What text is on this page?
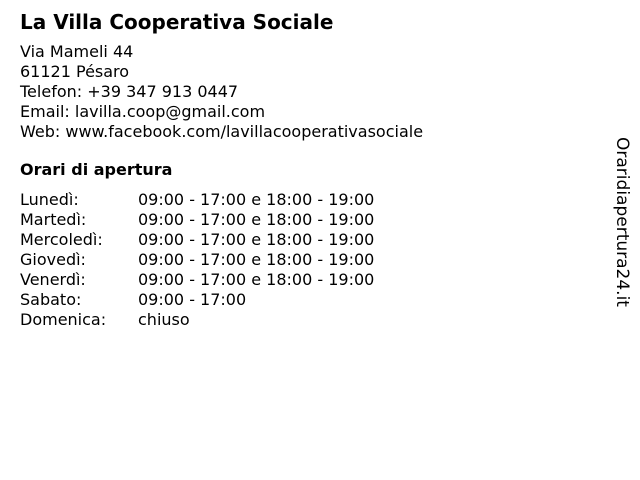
La Villa Cooperativa Sociale
Via Mameli 44
61121 Pésaro
Telefon: +39 347 913 0447
Email: lavilla.coop@gmail.com
Web: www.facebook.com/lavillacooperativasociale
Orari di apertura
Lunedì:	09:00 - 17:00 e 18:00 - 19:00
Martedì:	09:00 - 17:00 e 18:00 - 19:00
Mercoledì:	09:00 - 17:00 e 18:00 - 19:00
Giovedì:	09:00 - 17:00 e 18:00 - 19:00
Venerdì:	09:00 - 17:00 e 18:00 - 19:00
Sabato:	09:00 - 17:00
Domenica:	chiuso
Oraridiapertura24.it
